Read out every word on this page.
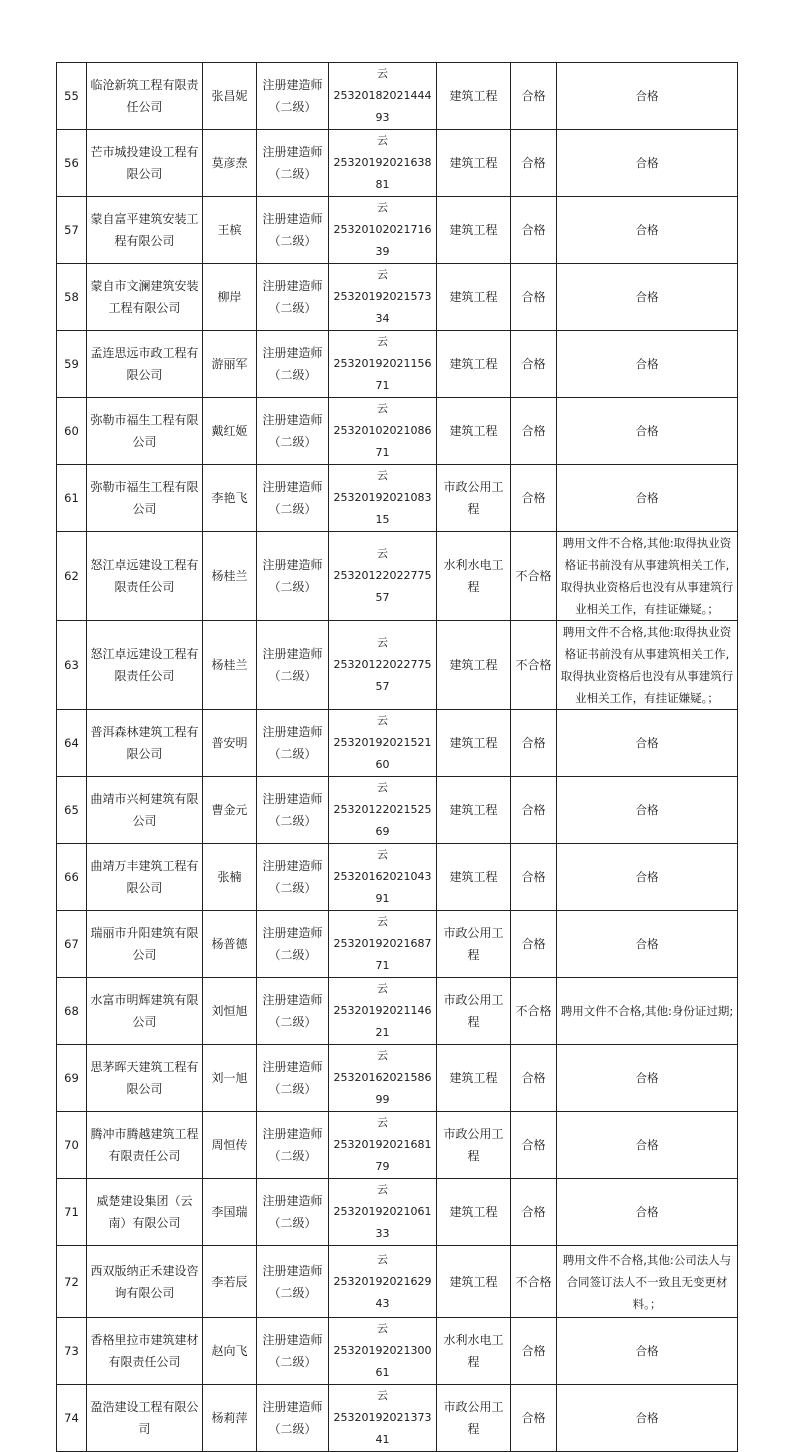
55	临沧新筑工程有限责任公司	张昌妮	注册建造师（二级）	云
2532018202144493	建筑工程	合格	合格
56	芒市城投建设工程有限公司	莫彦焘	注册建造师（二级）	云
2532019202163881	建筑工程	合格	合格
57	蒙自富平建筑安装工程有限公司	王槟	注册建造师（二级）	云
2532010202171639	建筑工程	合格	合格
58	蒙自市文澜建筑安装工程有限公司	柳岸	注册建造师（二级）	云
2532019202157334	建筑工程	合格	合格
59	孟连思远市政工程有限公司	游丽军	注册建造师（二级）	云
2532019202115671	建筑工程	合格	合格
60	弥勒市福生工程有限公司	戴红姬	注册建造师（二级）	云
2532010202108671	建筑工程	合格	合格
61	弥勒市福生工程有限公司	李艳飞	注册建造师（二级）	云
2532019202108315	市政公用工程	合格	合格
62	怒江卓远建设工程有限责任公司	杨桂兰	注册建造师（二级）	云
2532012202277557	水利水电工程	不合格	聘用文件不合格,其他:取得执业资格证书前没有从事建筑相关工作,取得执业资格后也没有从事建筑行业相关工作，有挂证嫌疑。；
63	怒江卓远建设工程有限责任公司	杨桂兰	注册建造师（二级）	云
2532012202277557	建筑工程	不合格	聘用文件不合格,其他:取得执业资格证书前没有从事建筑相关工作,取得执业资格后也没有从事建筑行业相关工作，有挂证嫌疑。；
64	普洱森林建筑工程有限公司	普安明	注册建造师（二级）	云
2532019202152160	建筑工程	合格	合格
65	曲靖市兴柯建筑有限公司	曹金元	注册建造师（二级）	云
2532012202152569	建筑工程	合格	合格
66	曲靖万丰建筑工程有限公司	张楠	注册建造师（二级）	云
2532016202104391	建筑工程	合格	合格
67	瑞丽市升阳建筑有限公司	杨普德	注册建造师（二级）	云
2532019202168771	市政公用工程	合格	合格
68	水富市明辉建筑有限公司	刘恒旭	注册建造师（二级）	云
2532019202114621	市政公用工程	不合格	聘用文件不合格,其他:身份证过期;
69	思茅晖天建筑工程有限公司	刘一旭	注册建造师（二级）	云
2532016202158699	建筑工程	合格	合格
70	腾冲市腾越建筑工程有限责任公司	周恒传	注册建造师（二级）	云
2532019202168179	市政公用工程	合格	合格
71	威楚建设集团（云南）有限公司	李国瑞	注册建造师（二级）	云
2532019202106133	建筑工程	合格	合格
72	西双版纳正禾建设咨询有限公司	李若辰	注册建造师（二级）	云
2532019202162943	建筑工程	不合格	聘用文件不合格,其他:公司法人与合同签订法人不一致且无变更材料。；
73	香格里拉市建筑建材有限责任公司	赵向飞	注册建造师（二级）	云
2532019202130061	水利水电工程	合格	合格
74	盈浩建设工程有限公司	杨莉萍	注册建造师（二级）	云
2532019202137341	市政公用工程	合格	合格
